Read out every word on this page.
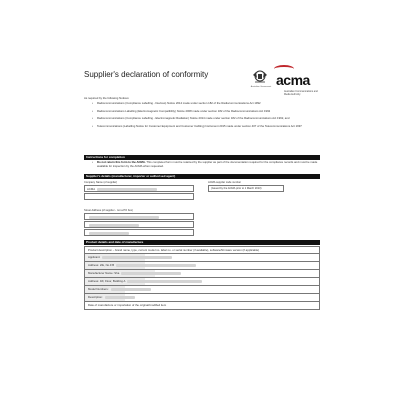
Supplier's declaration of conformity
Australian Government acma
Australian Communications and Media Authority
As required by the following Notices:
• Radiocommunications (Compliance Labelling - Devices) Notice 2014 made under section 182 of the Radiocommunications Act 1992
• Radiocommunications Labelling (Electromagnetic Compatibility) Notice 2008 made under section 182 of the Radiocommunications Act 1992
• Radiocommunications (Compliance Labelling - Electromagnetic Radiation) Notice 2014 made under section 182 of the Radiocommunications Act 1992, and
• Telecommunications (Labelling Notice for Customer Equipment and Customer Cabling) Instrument 2015 made under section 407 of the Telecommunications Act 1997
Instructions for completion
• Do not return this form to the ACMA. This completed form must be retained by the supplier as part of the documentation required for the compliance records and must be made available for inspection by the ACMA when requested.
Supplier's details (manufacturer, importer or authorised agent)
Company Name (of supplier)
ACMA
ACMA supplier code number
(Issued by the ACMA prior to 1 March 2013)
Street Address (of supplier - not a PO box)
Product details and date of manufacture
Product description – brand name, type, current model no. label no. or serial number (if available), software/firmware version (if applicable)
Applicant:
Address: 2/E, No.9 B
Manufacturer Name: Sha
Address: 4/F, Floor, Building A
Model Numbers:
Description:
Date of manufacture or importation of the original/modified item
